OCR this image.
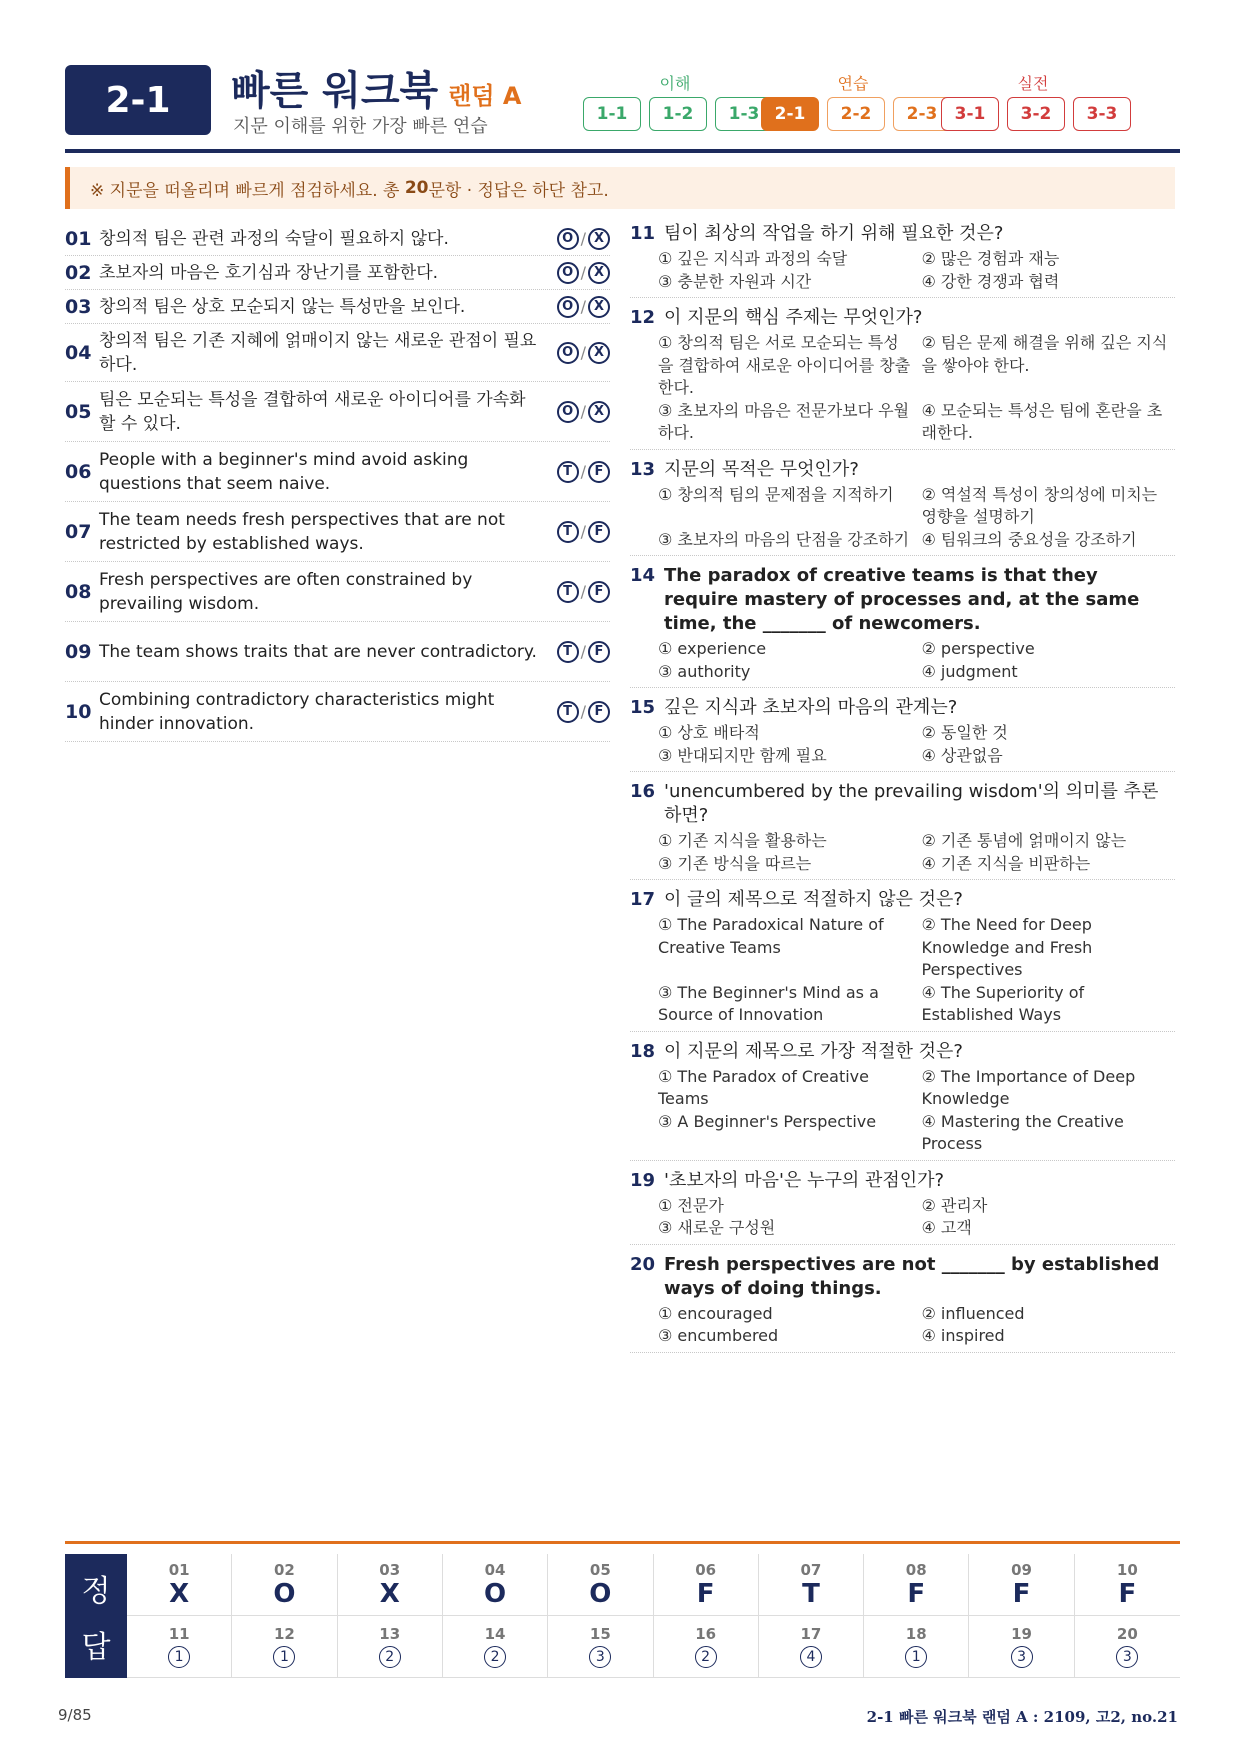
2-1	빠른 워크북 랜덤 A
지문 이해를 위한 가장 빠른 연습
이해
1-1	1-2	1-3
연습
2-1	2-2	2-3
실전
3-1	3-2	3-3
※ 지문을 떠올리며 빠르게 점검하세요. 총 20 문항 · 정답은 하단 참고.
01 창의적 팀은 관련 과정의 숙달이 필요하지 않다.	O / X
02 초보자의 마음은 호기심과 장난기를 포함한다.	O / X
03 창의적 팀은 상호 모순되지 않는 특성만을 보인다.	O / X
04
창의적 팀은 기존 지혜에 얽매이지 않는 새로운 관점이 필요하다.
O / X
05
팀은 모순되는 특성을 결합하여 새로운 아이디어를 가속화할 수 있다.
O / X
06
People with a beginner's mind avoid asking questions that seem naive.
T / F
07
The team needs fresh perspectives that are not restricted by established ways.
T / F
08
Fresh perspectives are often constrained by prevailing wisdom.
T / F
09 The team shows traits that are never contradictory.	T / F
10
Combining contradictory characteristics might hinder innovation.
T / F
11 팀이 최상의 작업을 하기 위해 필요한 것은?
① 깊은 지식과 과정의 숙달	② 많은 경험과 재능
③ 충분한 자원과 시간	④ 강한 경쟁과 협력
12 이 지문의 핵심 주제는 무엇인가?
① 창의적 팀은 서로 모순되는 특성을 결합하여 새로운 아이디어를 창출한다.
② 팀은 문제 해결을 위해 깊은 지식을 쌓아야 한다.
③ 초보자의 마음은 전문가보다 우월하다.
④ 모순되는 특성은 팀에 혼란을 초래한다.
13 지문의 목적은 무엇인가?
① 창의적 팀의 문제점을 지적하기	② 역설적 특성이 창의성에 미치는 영향을 설명하기
③ 초보자의 마음의 단점을 강조하기 ④ 팀워크의 중요성을 강조하기
14 The paradox of creative teams is that they require mastery of processes and, at the same time, the _______ of newcomers.
① experience	② perspective
③ authority	④ judgment
15 깊은 지식과 초보자의 마음의 관계는?
① 상호 배타적	② 동일한 것
③ 반대되지만 함께 필요	④ 상관없음
16 'unencumbered by the prevailing wisdom'의 의미를 추론하면?
① 기존 지식을 활용하는	② 기존 통념에 얽매이지 않는
③ 기존 방식을 따르는	④ 기존 지식을 비판하는
17 이 글의 제목으로 적절하지 않은 것은?
① The Paradoxical Nature of Creative Teams
② The Need for Deep Knowledge and Fresh Perspectives
③ The Beginner's Mind as a Source of Innovation
④ The Superiority of Established Ways
18 이 지문의 제목으로 가장 적절한 것은?
① The Paradox of Creative Teams
② The Importance of Deep Knowledge
③ A Beginner's Perspective	④ Mastering the Creative Process
19 '초보자의 마음'은 누구의 관점인가?
① 전문가	② 관리자
③ 새로운 구성원	④ 고객
20 Fresh perspectives are not _______ by established ways of doing things.
① encouraged	② influenced
③ encumbered	④ inspired
정
답
01
X
02
O
03
X
04
O
05
O
06
F
07
T
08
F
09
F
10
F
11
1
12
1
13
2
14
2
15
3
16
2
17
4
18
1
19
3
20
3
9/85	2-1 빠른 워크북 랜덤 A : 2109, 고2, no.21
